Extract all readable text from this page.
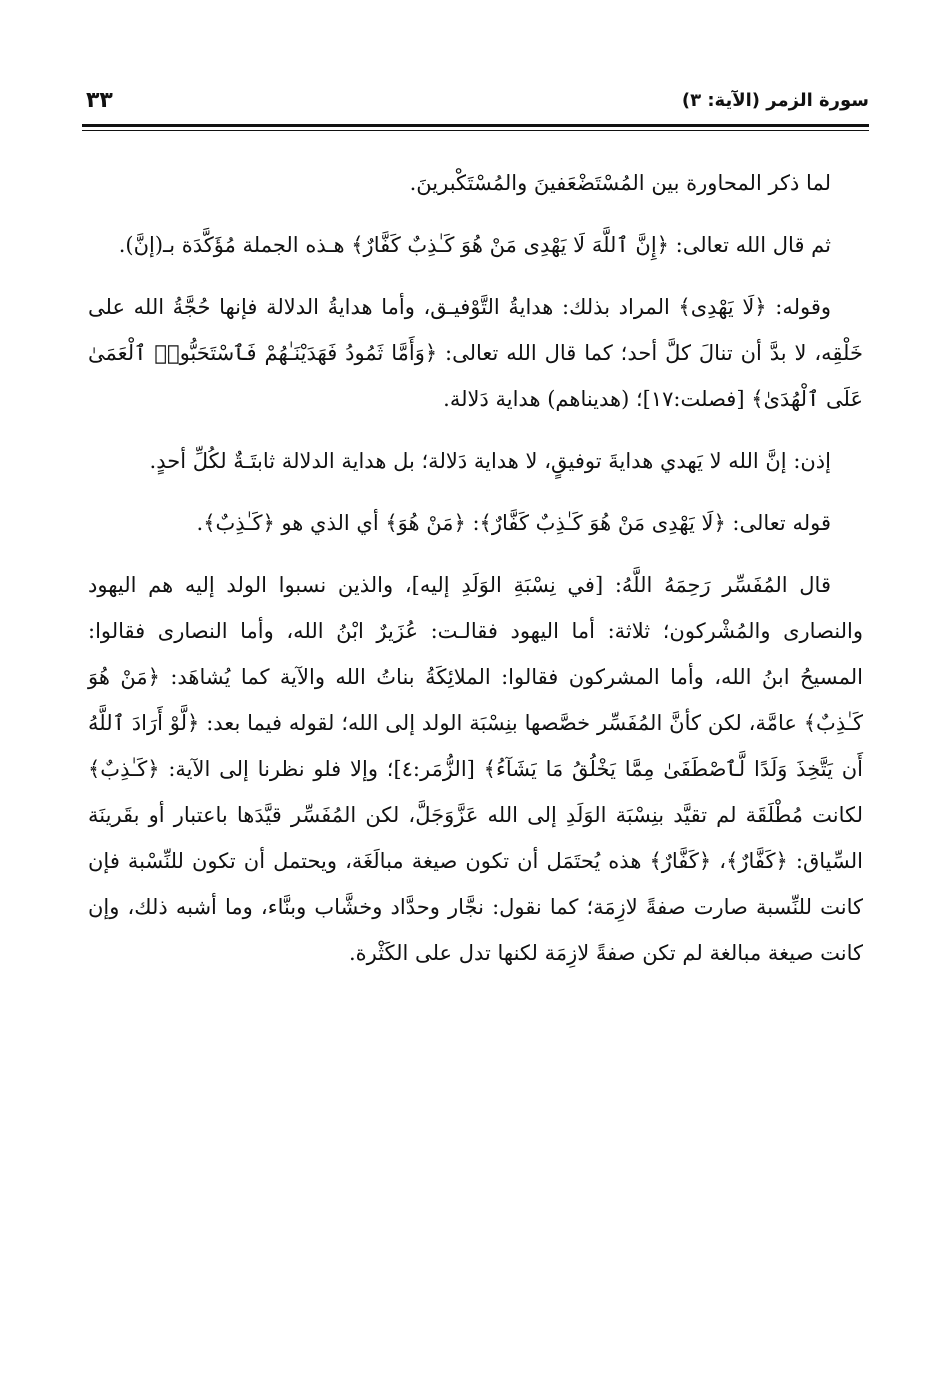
سورة الزمر (الآية: ٣)
٣٣

لما ذكر المحاورة بين المُسْتَضْعَفينَ والمُسْتَكْبرينَ.

ثم قال الله تعالى: ﴿إِنَّ ٱللَّهَ لَا يَهْدِى مَنْ هُوَ كَـٰذِبٌ كَفَّارٌ﴾ هـذه الجملة مُؤَكَّدَة بـ(إنَّ).

وقوله: ﴿لَا يَهْدِى﴾ المراد بذلك: هدايةُ التَّوْفيـق، وأما هدايةُ الدلالة فإنها حُجَّةُ الله على خَلْقِه، لا بدَّ أن تنالَ كلَّ أحد؛ كما قال الله تعالى: ﴿وَأَمَّا ثَمُودُ فَهَدَيْنَـٰهُمْ فَٱسْتَحَبُّوا۟ ٱلْعَمَىٰ عَلَى ٱلْهُدَىٰ﴾ [فصلت:١٧]؛ (هديناهم) هداية دَلالة.

إذن: إنَّ الله لا يَهدي هدايةَ توفيقٍ، لا هداية دَلالة؛ بل هداية الدلالة ثابتَـةٌ لكُلِّ أحدٍ.

قوله تعالى: ﴿لَا يَهْدِى مَنْ هُوَ كَـٰذِبٌ كَفَّارٌ﴾: ﴿مَنْ هُوَ﴾ أي الذي هو ﴿كَـٰذِبٌ﴾.

قال المُفَسِّر رَحِمَهُ اللَّهُ: [في نِسْبَةِ الوَلَدِ إليه]، والذين نسبوا الولد إليه هم اليهود والنصارى والمُشْركون؛ ثلاثة: أما اليهود فقالـت: عُزَيرٌ ابْنُ الله، وأما النصارى فقالوا: المسيحُ ابنُ الله، وأما المشركون فقالوا: الملائِكَةُ بناتُ الله والآية كما يُشاهَد: ﴿مَنْ هُوَ كَـٰذِبٌ﴾ عامَّة، لكن كأنَّ المُفَسِّر خصَّصها بنِسْبَة الولد إلى الله؛ لقوله فيما بعد: ﴿لَّوْ أَرَادَ ٱللَّهُ أَن يَتَّخِذَ وَلَدًا لَّٱصْطَفَىٰ مِمَّا يَخْلُقُ مَا يَشَآءُ﴾ [الزُّمَر:٤]؛ وإلا فلو نظرنا إلى الآية: ﴿كَـٰذِبٌ﴾ لكانت مُطْلَقَة لم تقيَّد بنِسْبَة الوَلَدِ إلى الله عَزَّوَجَلَّ، لكن المُفَسِّر قيَّدَها باعتبار أو بقَرينَة السِّياق: ﴿كَفَّارٌ﴾، ﴿كَفَّارٌ﴾ هذه يُحتَمَل أن تكون صيغة مبالَغَة، ويحتمل أن تكون للنِّسْبة فإن كانت للنِّسبة صارت صفةً لازِمَة؛ كما نقول: نجَّار وحدَّاد وخشَّاب وبنَّاء، وما أشبه ذلك، وإن كانت صيغة مبالغة لم تكن صفةً لازِمَة لكنها تدل على الكَثْرة.
